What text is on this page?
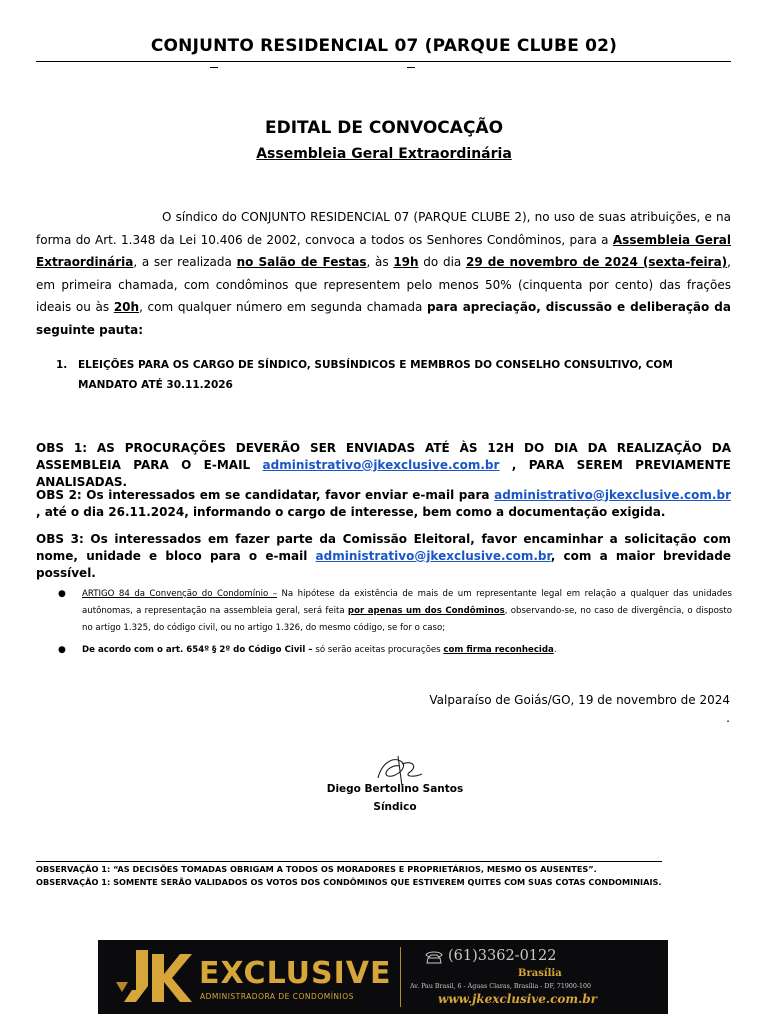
CONJUNTO RESIDENCIAL 07 (PARQUE CLUBE 02)
EDITAL DE CONVOCAÇÃO
Assembleia Geral Extraordinária
O síndico do CONJUNTO RESIDENCIAL 07 (PARQUE CLUBE 2), no uso de suas atribuições, e na forma do Art. 1.348 da Lei 10.406 de 2002, convoca a todos os Senhores Condôminos, para a Assembleia Geral Extraordinária, a ser realizada no Salão de Festas, às 19h do dia 29 de novembro de 2024 (sexta-feira), em primeira chamada, com condôminos que representem pelo menos 50% (cinquenta por cento) das frações ideais ou às 20h, com qualquer número em segunda chamada para apreciação, discussão e deliberação da seguinte pauta:
1. ELEIÇÕES PARA OS CARGO DE SÍNDICO, SUBSÍNDICOS E MEMBROS DO CONSELHO CONSULTIVO, COM MANDATO ATÉ 30.11.2026
OBS 1: AS PROCURAÇÕES DEVERÃO SER ENVIADAS ATÉ ÀS 12H DO DIA DA REALIZAÇÃO DA ASSEMBLEIA PARA O E-MAIL administrativo@jkexclusive.com.br , PARA SEREM PREVIAMENTE ANALISADAS.
OBS 2: Os interessados em se candidatar, favor enviar e-mail para administrativo@jkexclusive.com.br , até o dia 26.11.2024, informando o cargo de interesse, bem como a documentação exigida.
OBS 3: Os interessados em fazer parte da Comissão Eleitoral, favor encaminhar a solicitação com nome, unidade e bloco para o e-mail administrativo@jkexclusive.com.br, com a maior brevidade possível.
● ARTIGO 84 da Convenção do Condomínio – Na hipótese da existência de mais de um representante legal em relação a qualquer das unidades autônomas, a representação na assembleia geral, será feita por apenas um dos Condôminos, observando-se, no caso de divergência, o disposto no artigo 1.325, do código civil, ou no artigo 1.326, do mesmo código, se for o caso;
● De acordo com o art. 654º § 2º do Código Civil – só serão aceitas procurações com firma reconhecida.
Valparaíso de Goiás/GO, 19 de novembro de 2024
.
Diego Bertolino Santos
Síndico
OBSERVAÇÃO 1: “AS DECISÕES TOMADAS OBRIGAM A TODOS OS MORADORES E PROPRIETÁRIOS, MESMO OS AUSENTES”.
OBSERVAÇÃO 1: SOMENTE SERÃO VALIDADOS OS VOTOS DOS CONDÔMINOS QUE ESTIVEREM QUITES COM SUAS COTAS CONDOMINIAIS.
EXCLUSIVE
ADMINISTRADORA DE CONDOMÍNIOS
(61)3362-0122
Brasília
Av. Pau Brasil, 6 - Águas Claras, Brasília - DF, 71900-100
www.jkexclusive.com.br
